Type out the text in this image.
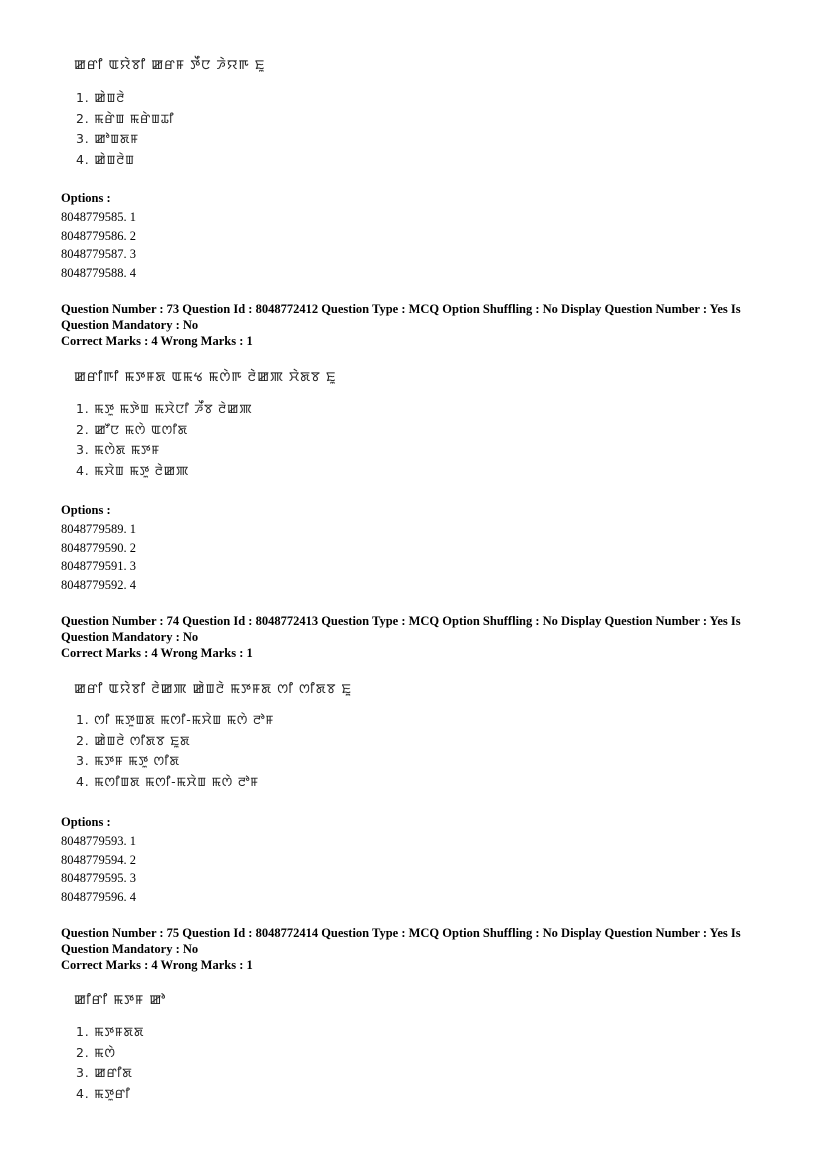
ꯀꯔꯤ ꯑꯌꯥꯕꯤ ꯀꯔꯝ ꯇꯩꯅ ꯍꯥꯌꯒ ꯐꯨ
1. ꯀꯥꯡꯂꯥ
2. ꯃꯔꯥꯡ ꯃꯔꯥꯡꯊꯤ
3. ꯀꯣꯡꯗꯝ
4. ꯀꯥꯡꯂꯥꯡ
Options :
8048779585. 1
8048779586. 2
8048779587. 3
8048779588. 4
Question Number : 73 Question Id : 8048772412 Question Type : MCQ Option Shuffling : No Display Question Number : Yes Is
Question Mandatory : No
Correct Marks : 4 Wrong Marks : 1
ꯀꯔꯤꯒꯤ ꯃꯇꯝꯗ ꯑꯃꯠ ꯃꯁꯥꯒ ꯂꯥꯀꯄ ꯆꯥꯗꯕ ꯐꯨ
1. ꯃꯇꯨ ꯃꯇꯥꯡ ꯃꯆꯥꯅꯤ ꯍꯩꯕ ꯂꯥꯀꯄ
2. ꯀꯧꯅ ꯃꯁꯥ ꯑꯁꯤꯗ
3. ꯃꯁꯥꯗ ꯃꯇꯝ
4. ꯃꯆꯥꯡ ꯃꯇꯨ ꯂꯥꯀꯄ
Options :
8048779589. 1
8048779590. 2
8048779591. 3
8048779592. 4
Question Number : 74 Question Id : 8048772413 Question Type : MCQ Option Shuffling : No Display Question Number : Yes Is
Question Mandatory : No
Correct Marks : 4 Wrong Marks : 1
ꯀꯔꯤ ꯑꯌꯥꯕꯤ ꯂꯥꯀꯄ ꯀꯥꯡꯂꯥ ꯃꯇꯝꯗ ꯁꯤ ꯁꯤꯗꯕ ꯐꯨ
1. ꯁꯤ ꯃꯇꯨꯡꯗ ꯃꯁꯤ-ꯃꯆꯥꯡ ꯃꯁꯥ ꯂꯣꯝ
2. ꯀꯥꯡꯂꯥ ꯁꯤꯗꯕ ꯐꯨꯗ
3. ꯃꯇꯝ ꯃꯇꯨ ꯁꯤꯗ
4. ꯃꯁꯤꯡꯗ ꯃꯁꯤ-ꯃꯆꯥꯡ ꯃꯁꯥ ꯂꯣꯝ
Options :
8048779593. 1
8048779594. 2
8048779595. 3
8048779596. 4
Question Number : 75 Question Id : 8048772414 Question Type : MCQ Option Shuffling : No Display Question Number : Yes Is
Question Mandatory : No
Correct Marks : 4 Wrong Marks : 1
ꯀꯤꯔꯤ ꯃꯇꯝ ꯀꯣ
1. ꯃꯇꯝꯗꯗ
2. ꯃꯁꯥ
3. ꯀꯔꯤꯗ
4. ꯃꯇꯨꯔꯤ
